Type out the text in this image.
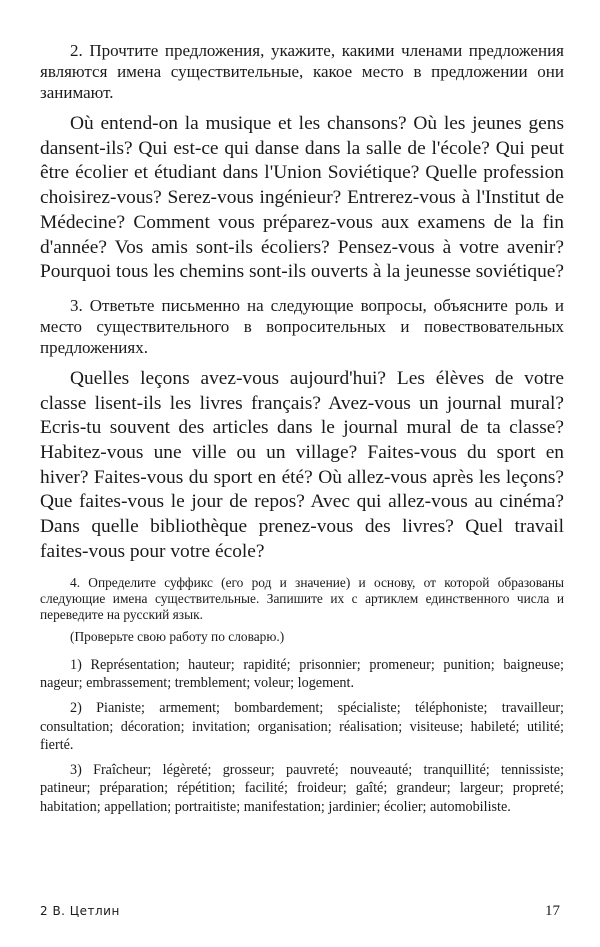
2. Прочтите предложения, укажите, какими членами предложения являются имена существительные, какое место в предложении они занимают.

Où entend-on la musique et les chansons? Où les jeunes gens dansent-ils? Qui est-ce qui danse dans la salle de l'école? Qui peut être écolier et étudiant dans l'Union Soviétique? Quelle profession choisirez-vous? Serez-vous ingénieur? Entrerez-vous à l'Institut de Médecine? Comment vous préparez-vous aux examens de la fin d'année? Vos amis sont-ils écoliers? Pensez-vous à votre avenir? Pourquoi tous les chemins sont-ils ouverts à la jeunesse soviétique?

3. Ответьте письменно на следующие вопросы, объясните роль и место существительного в вопросительных и повествовательных предложениях.

Quelles leçons avez-vous aujourd'hui? Les élèves de votre classe lisent-ils les livres français? Avez-vous un journal mural? Ecris-tu souvent des articles dans le journal mural de ta classe? Habitez-vous une ville ou un village? Faites-vous du sport en hiver? Faites-vous du sport en été? Où allez-vous après les leçons? Que faites-vous le jour de repos? Avec qui allez-vous au cinéma? Dans quelle bibliothèque prenez-vous des livres? Quel travail faites-vous pour votre école?

4. Определите суффикс (его род и значение) и основу, от которой образованы следующие имена существительные. Запишите их с артиклем единственного числа и переведите на русский язык.

(Проверьте свою работу по словарю.)

1) Représentation; hauteur; rapidité; prisonnier; promeneur; punition; baigneuse; nageur; embrassement; tremblement; voleur; logement.

2) Pianiste; armement; bombardement; spécialiste; téléphoniste; travailleur; consultation; décoration; invitation; organisation; réalisation; visiteuse; habileté; utilité; fierté.

3) Fraîcheur; légèreté; grosseur; pauvreté; nouveauté; tranquillité; tennissiste; patineur; préparation; répétition; facilité; froideur; gaîté; grandeur; largeur; propreté; habitation; appellation; portraitiste; manifestation; jardinier; écolier; automobiliste.

2 В. Цетлин	17
